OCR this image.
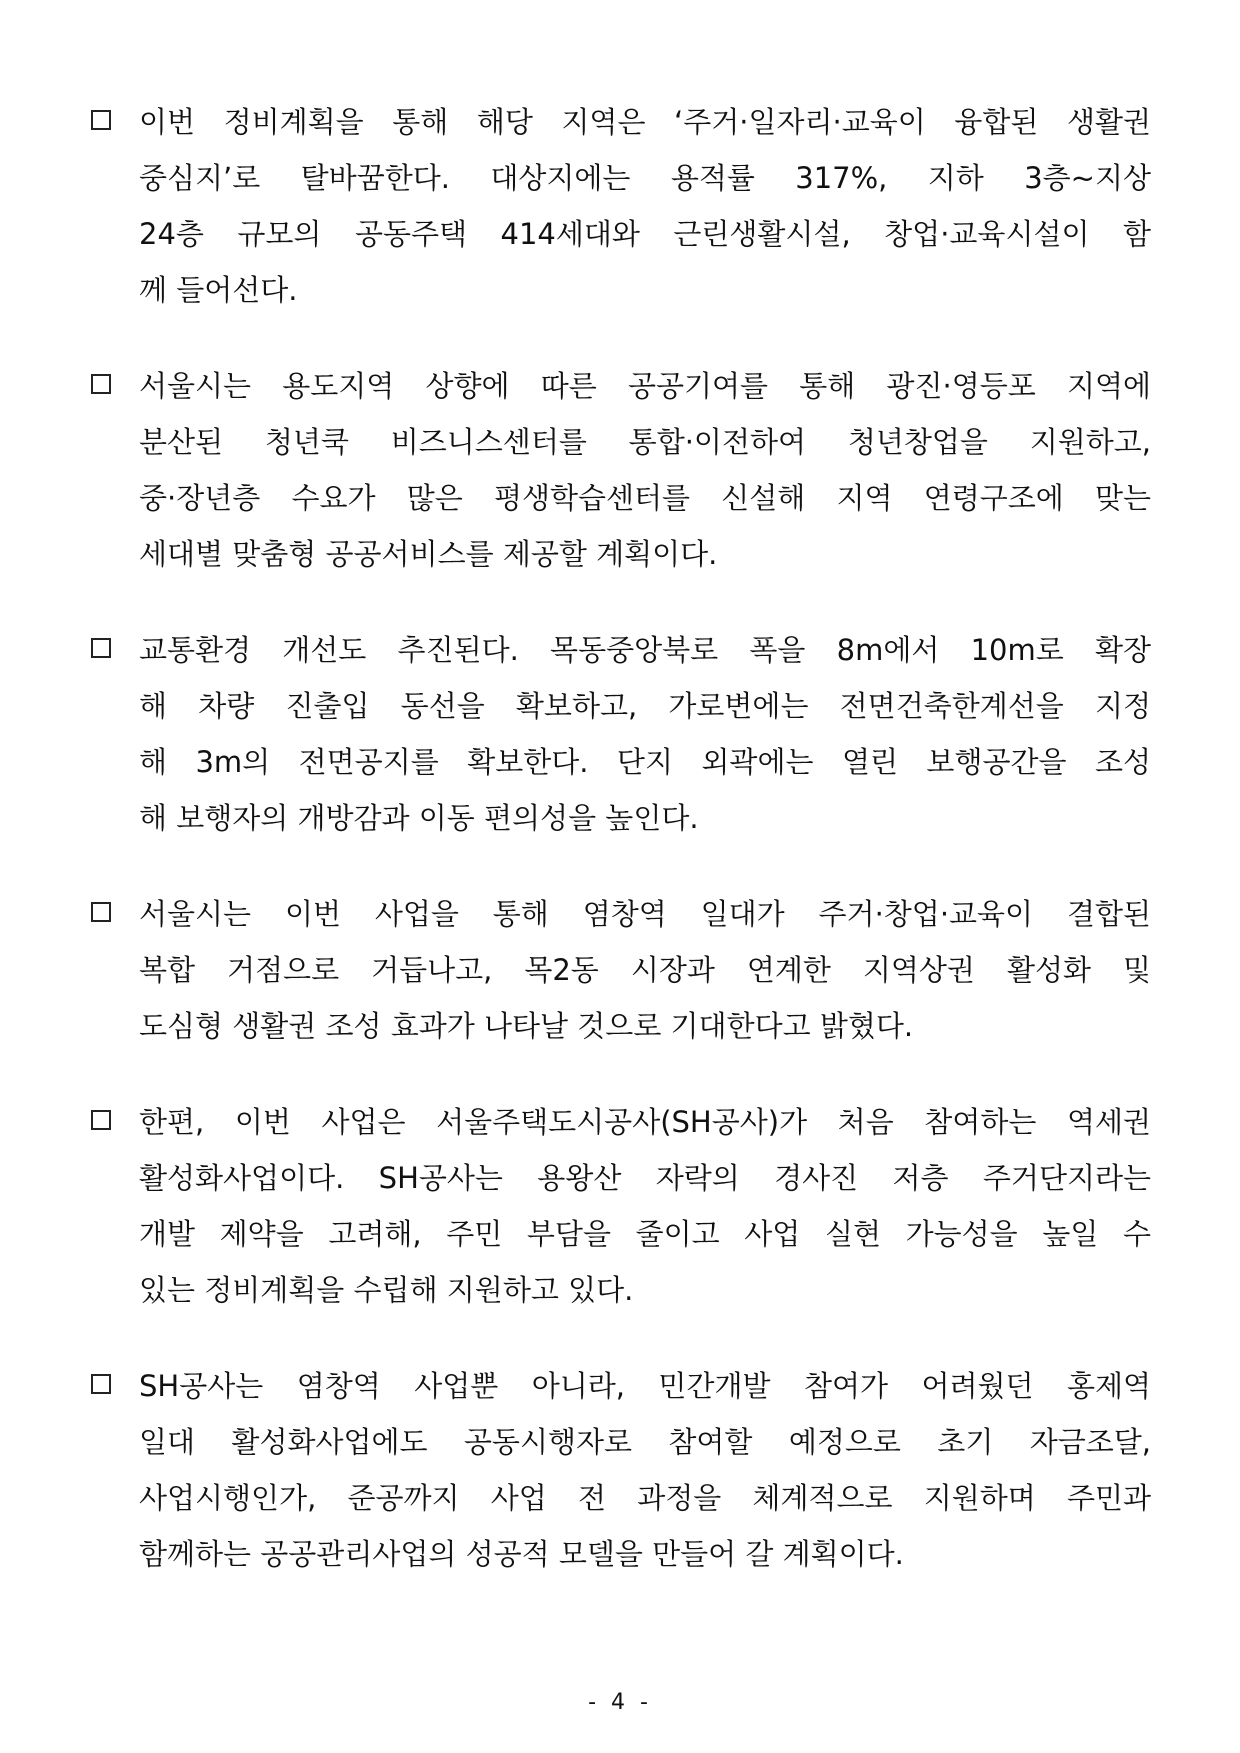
이번 정비계획을 통해 해당 지역은 ‘주거·일자리·교육이 융합된 생활권
중심지’로 탈바꿈한다. 대상지에는 용적률 317%, 지하 3층~지상
24층 규모의 공동주택 414세대와 근린생활시설, 창업·교육시설이 함
께 들어선다.
서울시는 용도지역 상향에 따른 공공기여를 통해 광진·영등포 지역에
분산된 청년쿡 비즈니스센터를 통합·이전하여 청년창업을 지원하고,
중·장년층 수요가 많은 평생학습센터를 신설해 지역 연령구조에 맞는
세대별 맞춤형 공공서비스를 제공할 계획이다.
교통환경 개선도 추진된다. 목동중앙북로 폭을 8m에서 10m로 확장
해 차량 진출입 동선을 확보하고, 가로변에는 전면건축한계선을 지정
해 3m의 전면공지를 확보한다. 단지 외곽에는 열린 보행공간을 조성
해 보행자의 개방감과 이동 편의성을 높인다.
서울시는 이번 사업을 통해 염창역 일대가 주거·창업·교육이 결합된
복합 거점으로 거듭나고, 목2동 시장과 연계한 지역상권 활성화 및
도심형 생활권 조성 효과가 나타날 것으로 기대한다고 밝혔다.
한편, 이번 사업은 서울주택도시공사(SH공사)가 처음 참여하는 역세권
활성화사업이다. SH공사는 용왕산 자락의 경사진 저층 주거단지라는
개발 제약을 고려해, 주민 부담을 줄이고 사업 실현 가능성을 높일 수
있는 정비계획을 수립해 지원하고 있다.
SH공사는 염창역 사업뿐 아니라, 민간개발 참여가 어려웠던 홍제역
일대 활성화사업에도 공동시행자로 참여할 예정으로 초기 자금조달,
사업시행인가, 준공까지 사업 전 과정을 체계적으로 지원하며 주민과
함께하는 공공관리사업의 성공적 모델을 만들어 갈 계획이다.
- 4 -
